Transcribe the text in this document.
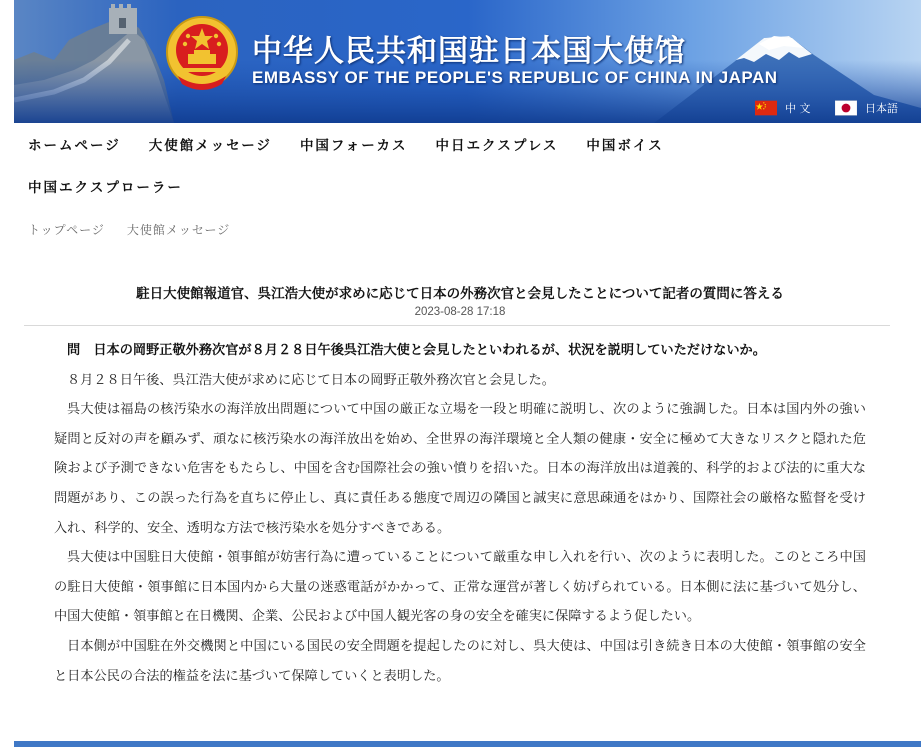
中华人民共和国驻日本国大使馆
EMBASSY OF THE PEOPLE'S REPUBLIC OF CHINA IN JAPAN
中 文	日本語
ホームページ 大使館メッセージ 中国フォーカス 中日エクスプレス 中国ボイス
中国エクスプローラー
トップページ 大使館メッセージ
駐日大使館報道官、呉江浩大使が求めに応じて日本の外務次官と会見したことについて記者の質問に答える
2023-08-28 17:18

問　日本の岡野正敬外務次官が８月２８日午後呉江浩大使と会見したといわれるが、状況を説明していただけないか。

８月２８日午後、呉江浩大使が求めに応じて日本の岡野正敬外務次官と会見した。

呉大使は福島の核汚染水の海洋放出問題について中国の厳正な立場を一段と明確に説明し、次のように強調した。日本は国内外の強い疑問と反対の声を顧みず、頑なに核汚染水の海洋放出を始め、全世界の海洋環境と全人類の健康・安全に極めて大きなリスクと隠れた危険および予測できない危害をもたらし、中国を含む国際社会の強い憤りを招いた。日本の海洋放出は道義的、科学的および法的に重大な問題があり、この誤った行為を直ちに停止し、真に責任ある態度で周辺の隣国と誠実に意思疎通をはかり、国際社会の厳格な監督を受け入れ、科学的、安全、透明な方法で核汚染水を処分すべきである。

呉大使は中国駐日大使館・領事館が妨害行為に遭っていることについて厳重な申し入れを行い、次のように表明した。このところ中国の駐日大使館・領事館に日本国内から大量の迷惑電話がかかって、正常な運営が著しく妨げられている。日本側に法に基づいて処分し、中国大使館・領事館と在日機関、企業、公民および中国人観光客の身の安全を確実に保障するよう促したい。

日本側が中国駐在外交機関と中国にいる国民の安全問題を提起したのに対し、呉大使は、中国は引き続き日本の大使館・領事館の安全と日本公民の合法的権益を法に基づいて保障していくと表明した。
